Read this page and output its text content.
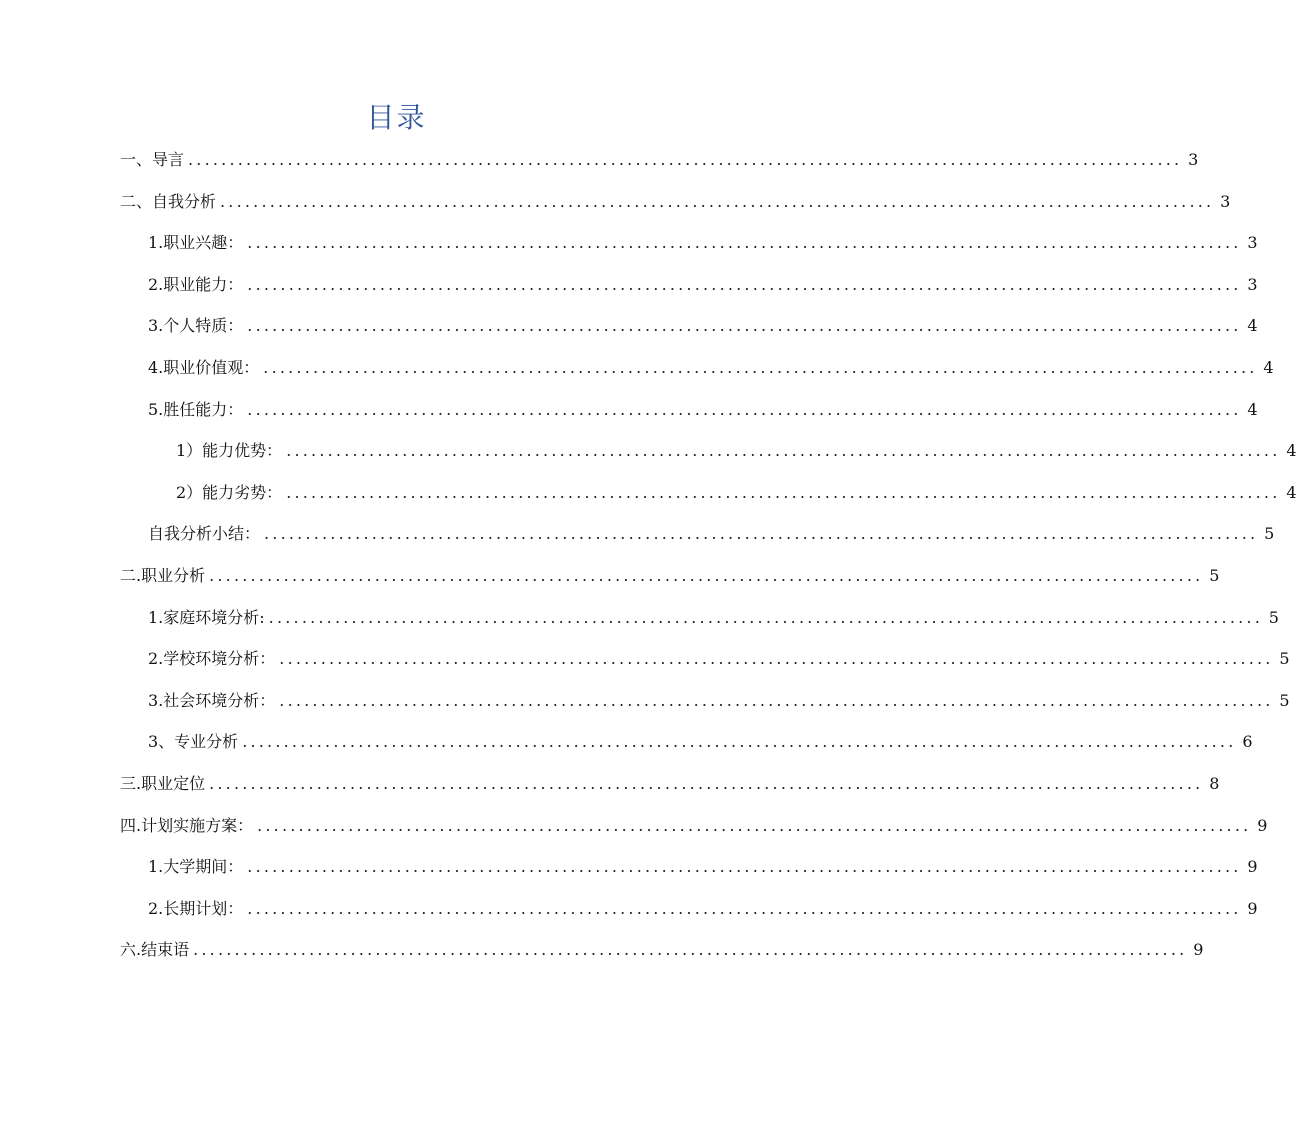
目录
一、导言 ........................................................................................................................ 3
二、自我分析 ........................................................................................................................ 3
1.职业兴趣： ........................................................................................................................ 3
2.职业能力： ........................................................................................................................ 3
3.个人特质： ........................................................................................................................ 4
4.职业价值观： ........................................................................................................................ 4
5.胜任能力： ........................................................................................................................ 4
1）能力优势： ........................................................................................................................ 4
2）能力劣势： ........................................................................................................................ 4
自我分析小结： ........................................................................................................................ 5
二.职业分析 ........................................................................................................................ 5
1.家庭环境分析: ........................................................................................................................ 5
2.学校环境分析： ........................................................................................................................ 5
3.社会环境分析： ........................................................................................................................ 5
3、专业分析 ........................................................................................................................ 6
三.职业定位 ........................................................................................................................ 8
四.计划实施方案： ........................................................................................................................ 9
1.大学期间： ........................................................................................................................ 9
2.长期计划： ........................................................................................................................ 9
六.结束语 ........................................................................................................................ 9
